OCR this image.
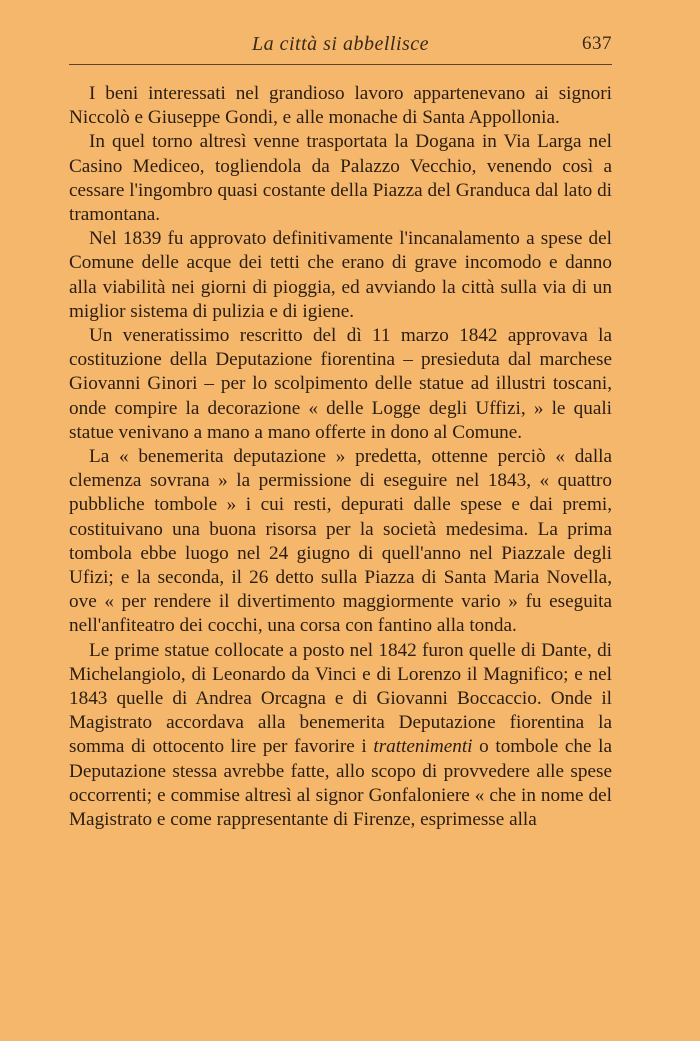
La città si abbellisce	637

I beni interessati nel grandioso lavoro appartenevano ai signori Niccolò e Giuseppe Gondi, e alle monache di Santa Appollonia.

In quel torno altresì venne trasportata la Dogana in Via Larga nel Casino Mediceo, togliendola da Palazzo Vecchio, venendo così a cessare l'ingombro quasi costante della Piazza del Granduca dal lato di tramontana.

Nel 1839 fu approvato definitivamente l'incanalamento a spese del Comune delle acque dei tetti che erano di grave incomodo e danno alla viabilità nei giorni di pioggia, ed avviando la città sulla via di un miglior sistema di pulizia e di igiene.

Un veneratissimo rescritto del dì 11 marzo 1842 approvava la costituzione della Deputazione fiorentina – presieduta dal marchese Giovanni Ginori – per lo scolpimento delle statue ad illustri toscani, onde compire la decorazione « delle Logge degli Uffizi, » le quali statue venivano a mano a mano offerte in dono al Comune.

La « benemerita deputazione » predetta, ottenne perciò « dalla clemenza sovrana » la permissione di eseguire nel 1843, « quattro pubbliche tombole » i cui resti, depurati dalle spese e dai premi, costituivano una buona risorsa per la società medesima. La prima tombola ebbe luogo nel 24 giugno di quell'anno nel Piazzale degli Ufizi; e la seconda, il 26 detto sulla Piazza di Santa Maria Novella, ove « per rendere il divertimento maggiormente vario » fu eseguita nell'anfiteatro dei cocchi, una corsa con fantino alla tonda.

Le prime statue collocate a posto nel 1842 furon quelle di Dante, di Michelangiolo, di Leonardo da Vinci e di Lorenzo il Magnifico; e nel 1843 quelle di Andrea Orcagna e di Giovanni Boccaccio. Onde il Magistrato accordava alla benemerita Deputazione fiorentina la somma di ottocento lire per favorire i trattenimenti o tombole che la Deputazione stessa avrebbe fatte, allo scopo di provvedere alle spese occorrenti; e commise altresì al signor Gonfaloniere « che in nome del Magistrato e come rappresentante di Firenze, esprimesse alla
